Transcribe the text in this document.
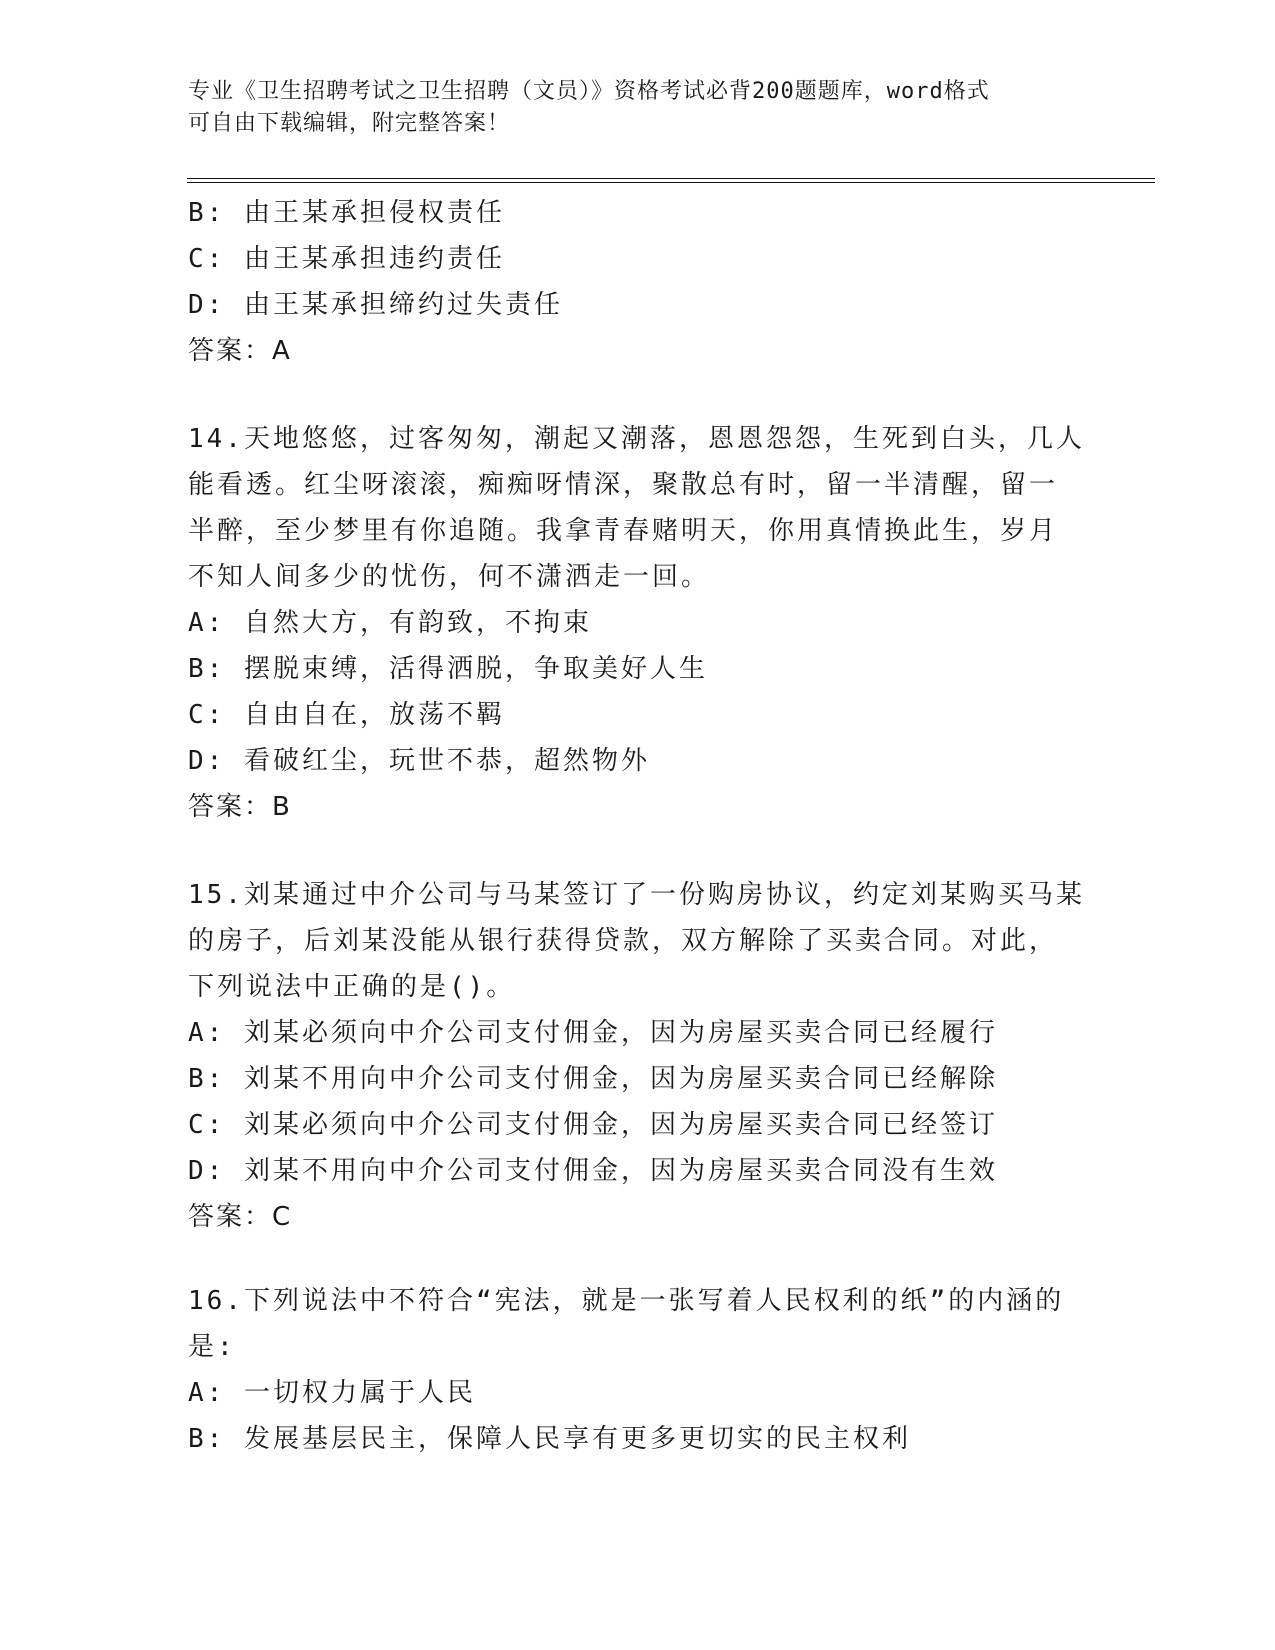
专业《卫生招聘考试之卫生招聘（文员）》资格考试必背200题题库，word格式
可自由下载编辑，附完整答案！
B: 由王某承担侵权责任
C: 由王某承担违约责任
D: 由王某承担缔约过失责任
答案：A
14.天地悠悠，过客匆匆，潮起又潮落，恩恩怨怨，生死到白头，几人
能看透。红尘呀滚滚，痴痴呀情深，聚散总有时，留一半清醒，留一
半醉，至少梦里有你追随。我拿青春赌明天，你用真情换此生，岁月
不知人间多少的忧伤，何不潇洒走一回。
A: 自然大方，有韵致，不拘束
B: 摆脱束缚，活得洒脱，争取美好人生
C: 自由自在，放荡不羁
D: 看破红尘，玩世不恭，超然物外
答案：B
15.刘某通过中介公司与马某签订了一份购房协议，约定刘某购买马某
的房子，后刘某没能从银行获得贷款，双方解除了买卖合同。对此，
下列说法中正确的是()。
A: 刘某必须向中介公司支付佣金，因为房屋买卖合同已经履行
B: 刘某不用向中介公司支付佣金，因为房屋买卖合同已经解除
C: 刘某必须向中介公司支付佣金，因为房屋买卖合同已经签订
D: 刘某不用向中介公司支付佣金，因为房屋买卖合同没有生效
答案：C
16.下列说法中不符合“宪法，就是一张写着人民权利的纸”的内涵的
是:
A: 一切权力属于人民
B: 发展基层民主，保障人民享有更多更切实的民主权利
